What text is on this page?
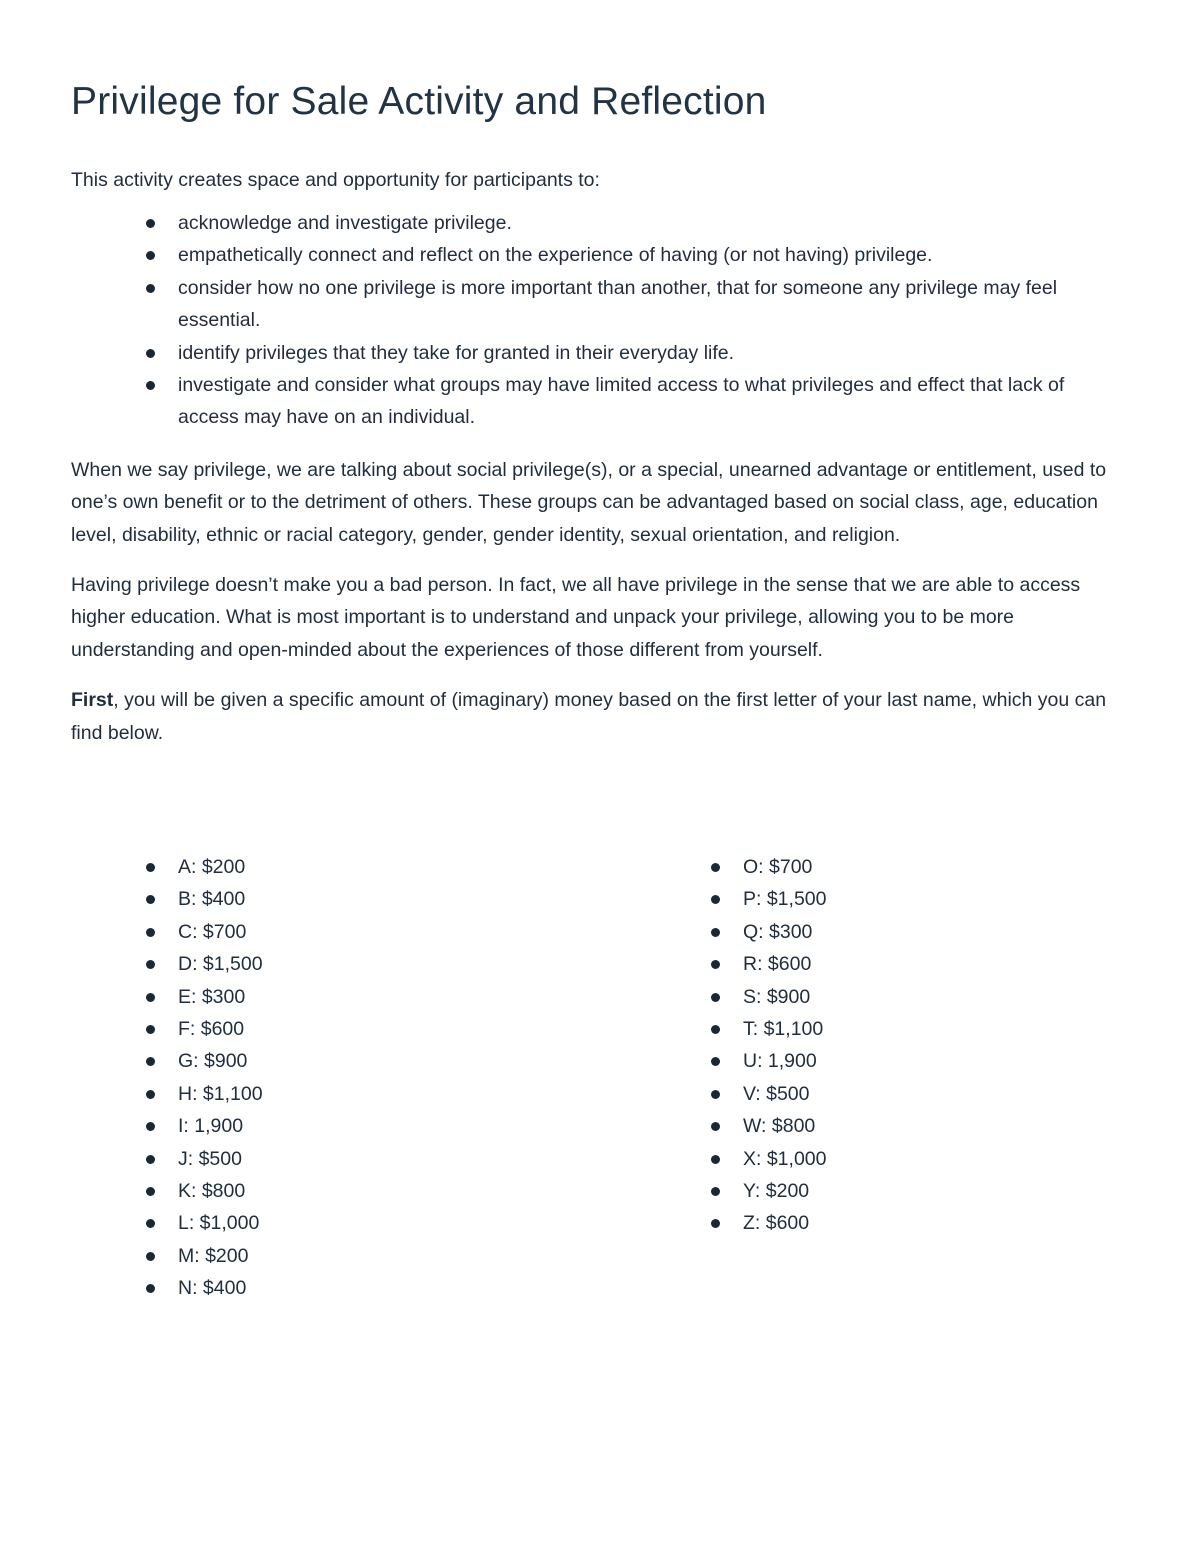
Privilege for Sale Activity and Reflection

This activity creates space and opportunity for participants to:

acknowledge and investigate privilege.
empathetically connect and reflect on the experience of having (or not having) privilege.
consider how no one privilege is more important than another, that for someone any privilege may feel essential.
identify privileges that they take for granted in their everyday life.
investigate and consider what groups may have limited access to what privileges and effect that lack of access may have on an individual.

When we say privilege, we are talking about social privilege(s), or a special, unearned advantage or entitlement, used to one’s own benefit or to the detriment of others. These groups can be advantaged based on social class, age, education level, disability, ethnic or racial category, gender, gender identity, sexual orientation, and religion.

Having privilege doesn’t make you a bad person. In fact, we all have privilege in the sense that we are able to access higher education. What is most important is to understand and unpack your privilege, allowing you to be more understanding and open-minded about the experiences of those different from yourself.

First, you will be given a specific amount of (imaginary) money based on the first letter of your last name, which you can find below.

A: $200
B: $400
C: $700
D: $1,500
E: $300
F: $600
G: $900
H: $1,100
I: 1,900
J: $500
K: $800
L: $1,000
M: $200
N: $400
O: $700
P: $1,500
Q: $300
R: $600
S: $900
T: $1,100
U: 1,900
V: $500
W: $800
X: $1,000
Y: $200
Z: $600
